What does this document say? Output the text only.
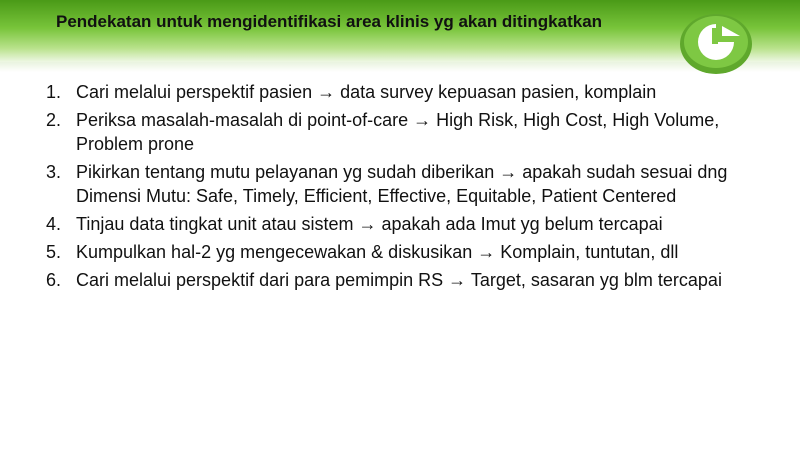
Pendekatan untuk mengidentifikasi area klinis yg akan ditingkatkan
1. Cari melalui perspektif pasien → data survey kepuasan pasien, komplain
2. Periksa masalah-masalah di point-of-care → High Risk, High Cost, High Volume, Problem prone
3. Pikirkan tentang mutu pelayanan yg sudah diberikan → apakah sudah sesuai dng Dimensi Mutu: Safe, Timely, Efficient, Effective, Equitable, Patient Centered
4. Tinjau data tingkat unit atau sistem → apakah ada Imut yg belum tercapai
5. Kumpulkan hal-2 yg mengecewakan & diskusikan → Komplain, tuntutan, dll
6. Cari melalui perspektif dari para pemimpin RS → Target, sasaran yg blm tercapai
